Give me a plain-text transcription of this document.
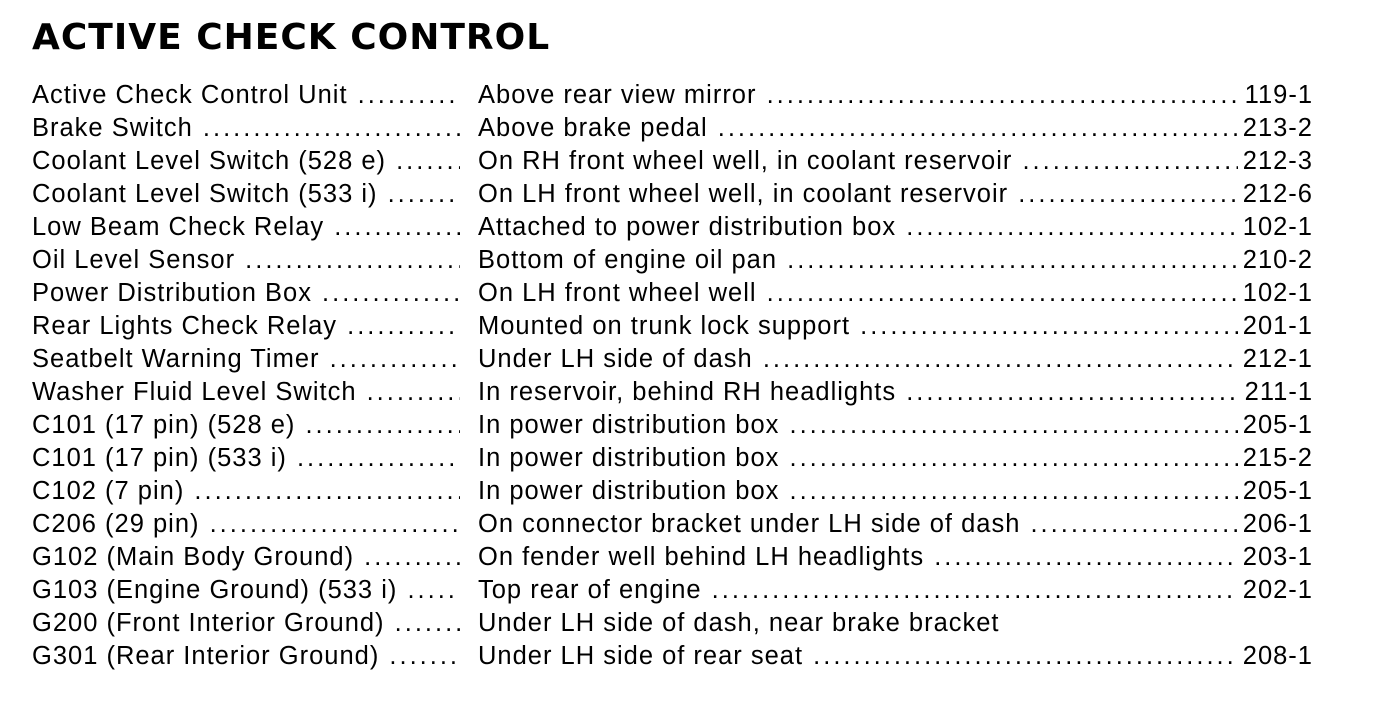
ACTIVE CHECK CONTROL
Active Check Control Unit .....	Above rear view mirror .....	119-1
Brake Switch .....	Above brake pedal .....	213-2
Coolant Level Switch (528 e) .....	On RH front wheel well, in coolant reservoir .....	212-3
Coolant Level Switch (533 i) .....	On LH front wheel well, in coolant reservoir .....	212-6
Low Beam Check Relay .....	Attached to power distribution box .....	102-1
Oil Level Sensor .....	Bottom of engine oil pan .....	210-2
Power Distribution Box .....	On LH front wheel well .....	102-1
Rear Lights Check Relay .....	Mounted on trunk lock support .....	201-1
Seatbelt Warning Timer .....	Under LH side of dash .....	212-1
Washer Fluid Level Switch .....	In reservoir, behind RH headlights .....	211-1
C101 (17 pin) (528 e) .....	In power distribution box .....	205-1
C101 (17 pin) (533 i) .....	In power distribution box .....	215-2
C102 (7 pin) .....	In power distribution box .....	205-1
C206 (29 pin) .....	On connector bracket under LH side of dash .....	206-1
G102 (Main Body Ground) .....	On fender well behind LH headlights .....	203-1
G103 (Engine Ground) (533 i) .....	Top rear of engine .....	202-1
G200 (Front Interior Ground) .....	Under LH side of dash, near brake bracket
G301 (Rear Interior Ground) .....	Under LH side of rear seat .....	208-1
